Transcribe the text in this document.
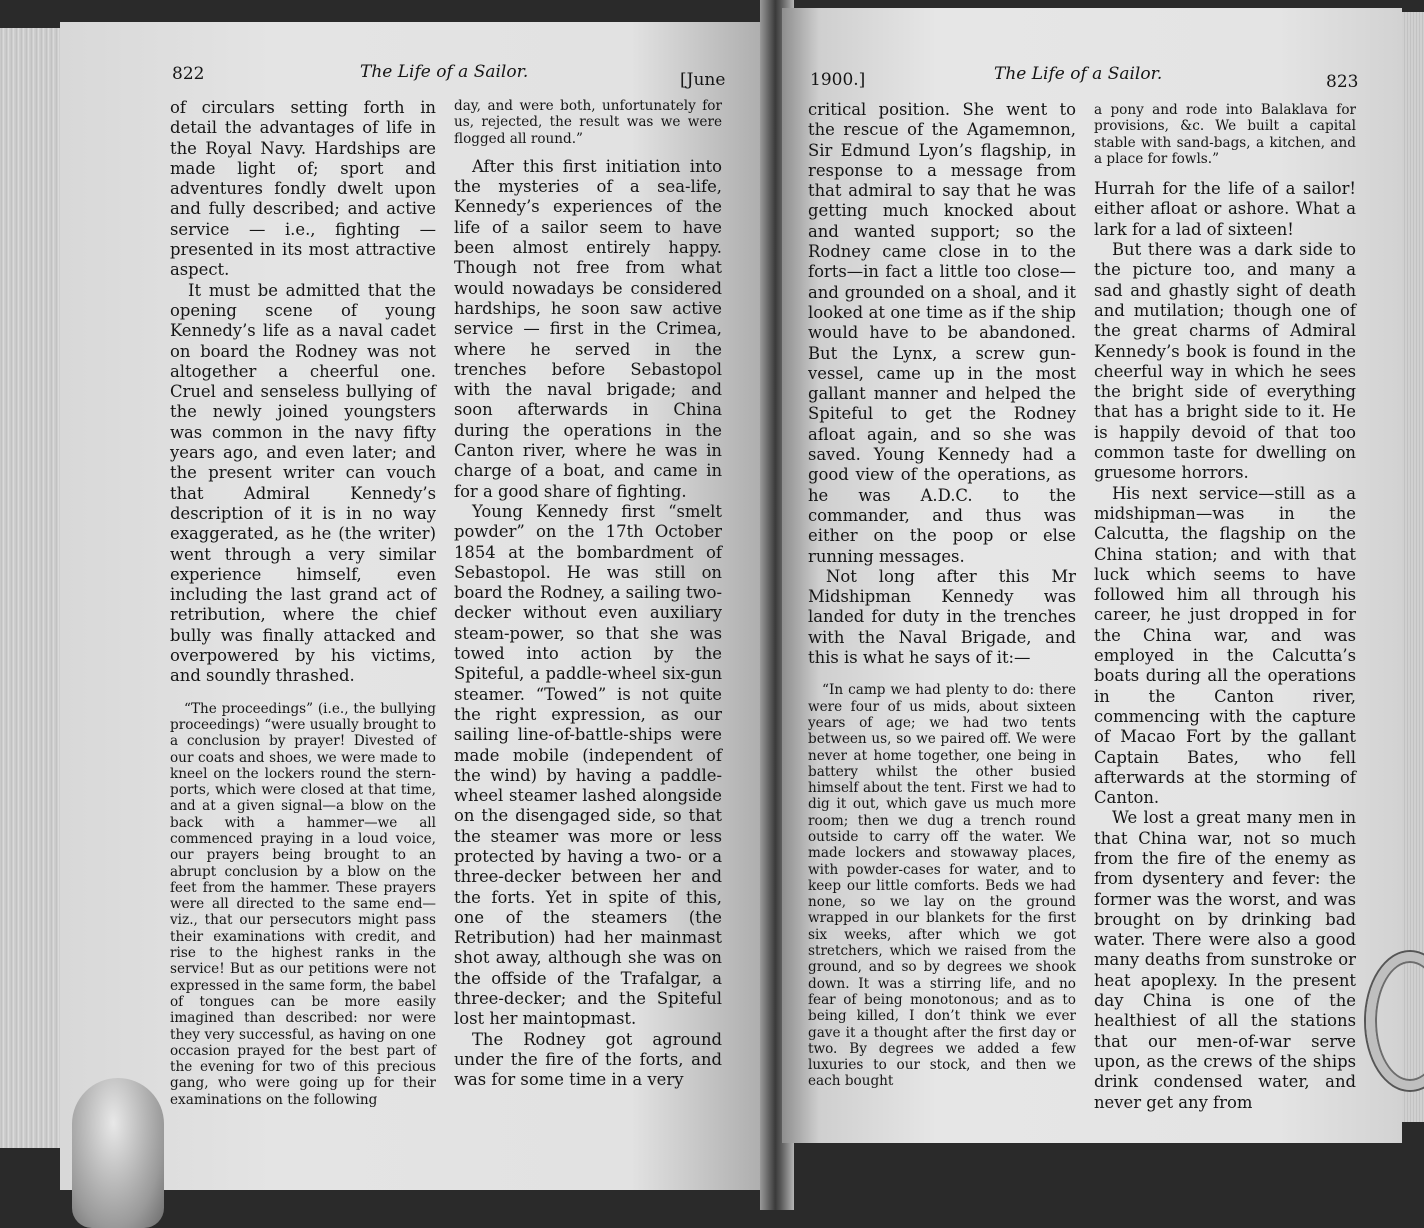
822	The Life of a Sailor.	[June

of circulars setting forth in detail the advantages of life in the Royal Navy. Hardships are made light of; sport and adventures fondly dwelt upon and fully described; and active service — i.e., fighting — presented in its most attractive aspect.

It must be admitted that the opening scene of young Kennedy’s life as a naval cadet on board the Rodney was not altogether a cheerful one. Cruel and senseless bullying of the newly joined youngsters was common in the navy fifty years ago, and even later; and the present writer can vouch that Admiral Kennedy’s description of it is in no way exaggerated, as he (the writer) went through a very similar experience himself, even including the last grand act of retribution, where the chief bully was finally attacked and overpowered by his victims, and soundly thrashed.

“The proceedings” (i.e., the bullying proceedings) “were usually brought to a conclusion by prayer! Divested of our coats and shoes, we were made to kneel on the lockers round the stern-ports, which were closed at that time, and at a given signal—a blow on the back with a hammer—we all commenced praying in a loud voice, our prayers being brought to an abrupt conclusion by a blow on the feet from the hammer. These prayers were all directed to the same end—viz., that our persecutors might pass their examinations with credit, and rise to the highest ranks in the service! But as our petitions were not expressed in the same form, the babel of tongues can be more easily imagined than described: nor were they very successful, as having on one occasion prayed for the best part of the evening for two of this precious gang, who were going up for their examinations on the following

day, and were both, unfortunately for us, rejected, the result was we were flogged all round.”

After this first initiation into the mysteries of a sea-life, Kennedy’s experiences of the life of a sailor seem to have been almost entirely happy. Though not free from what would nowadays be considered hardships, he soon saw active service — first in the Crimea, where he served in the trenches before Sebastopol with the naval brigade; and soon afterwards in China during the operations in the Canton river, where he was in charge of a boat, and came in for a good share of fighting.

Young Kennedy first “smelt powder” on the 17th October 1854 at the bombardment of Sebastopol. He was still on board the Rodney, a sailing two-decker without even auxiliary steam-power, so that she was towed into action by the Spiteful, a paddle-wheel six-gun steamer. “Towed” is not quite the right expression, as our sailing line-of-battle-ships were made mobile (independent of the wind) by having a paddle-wheel steamer lashed alongside on the disengaged side, so that the steamer was more or less protected by having a two- or a three-decker between her and the forts. Yet in spite of this, one of the steamers (the Retribution) had her mainmast shot away, although she was on the offside of the Trafalgar, a three-decker; and the Spiteful lost her maintopmast.

The Rodney got aground under the fire of the forts, and was for some time in a very

1900.]	The Life of a Sailor.	823

critical position. She went to the rescue of the Agamemnon, Sir Edmund Lyon’s flagship, in response to a message from that admiral to say that he was getting much knocked about and wanted support; so the Rodney came close in to the forts—in fact a little too close—and grounded on a shoal, and it looked at one time as if the ship would have to be abandoned. But the Lynx, a screw gun-vessel, came up in the most gallant manner and helped the Spiteful to get the Rodney afloat again, and so she was saved. Young Kennedy had a good view of the operations, as he was A.D.C. to the commander, and thus was either on the poop or else running messages.

Not long after this Mr Midshipman Kennedy was landed for duty in the trenches with the Naval Brigade, and this is what he says of it:—

“In camp we had plenty to do: there were four of us mids, about sixteen years of age; we had two tents between us, so we paired off. We were never at home together, one being in battery whilst the other busied himself about the tent. First we had to dig it out, which gave us much more room; then we dug a trench round outside to carry off the water. We made lockers and stowaway places, with powder-cases for water, and to keep our little comforts. Beds we had none, so we lay on the ground wrapped in our blankets for the first six weeks, after which we got stretchers, which we raised from the ground, and so by degrees we shook down. It was a stirring life, and no fear of being monotonous; and as to being killed, I don’t think we ever gave it a thought after the first day or two. By degrees we added a few luxuries to our stock, and then we each bought

a pony and rode into Balaklava for provisions, &c. We built a capital stable with sand-bags, a kitchen, and a place for fowls.”

Hurrah for the life of a sailor! either afloat or ashore. What a lark for a lad of sixteen!

But there was a dark side to the picture too, and many a sad and ghastly sight of death and mutilation; though one of the great charms of Admiral Kennedy’s book is found in the cheerful way in which he sees the bright side of everything that has a bright side to it. He is happily devoid of that too common taste for dwelling on gruesome horrors.

His next service—still as a midshipman—was in the Calcutta, the flagship on the China station; and with that luck which seems to have followed him all through his career, he just dropped in for the China war, and was employed in the Calcutta’s boats during all the operations in the Canton river, commencing with the capture of Macao Fort by the gallant Captain Bates, who fell afterwards at the storming of Canton.

We lost a great many men in that China war, not so much from the fire of the enemy as from dysentery and fever: the former was the worst, and was brought on by drinking bad water. There were also a good many deaths from sunstroke or heat apoplexy. In the present day China is one of the healthiest of all the stations that our men-of-war serve upon, as the crews of the ships drink condensed water, and never get any from
